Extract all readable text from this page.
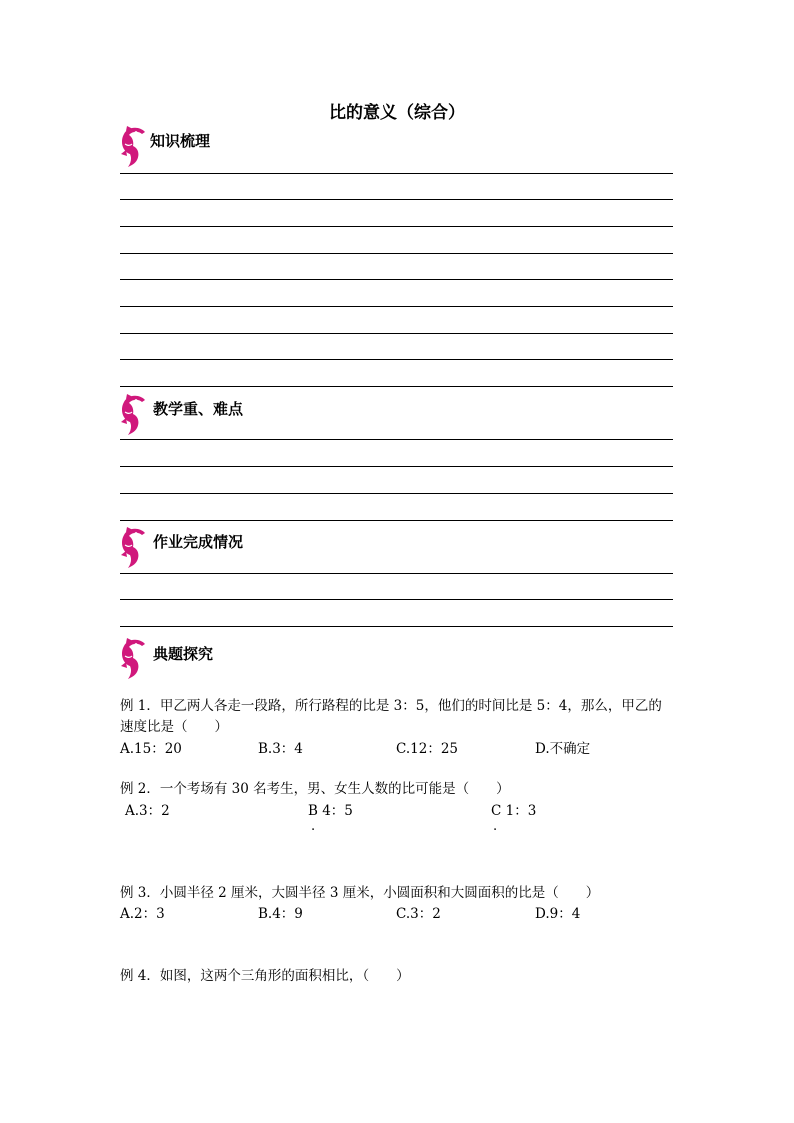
比的意义（综合）
知识梳理
教学重、难点
作业完成情况
典题探究
例 1．甲乙两人各走一段路，所行路程的比是 3：5，他们的时间比是 5：4，那么，甲乙的
速度比是（　　）
A.15：20	B.3：4	C.12：25	D.不确定
例 2．一个考场有 30 名考生，男、女生人数的比可能是（　　）
A.3：2	B 4：5	C 1：3
.	.
例 3．小圆半径 2 厘米，大圆半径 3 厘米，小圆面积和大圆面积的比是（　　）
A.2：3	B.4：9	C.3：2	D.9：4
例 4．如图，这两个三角形的面积相比，（　　）
